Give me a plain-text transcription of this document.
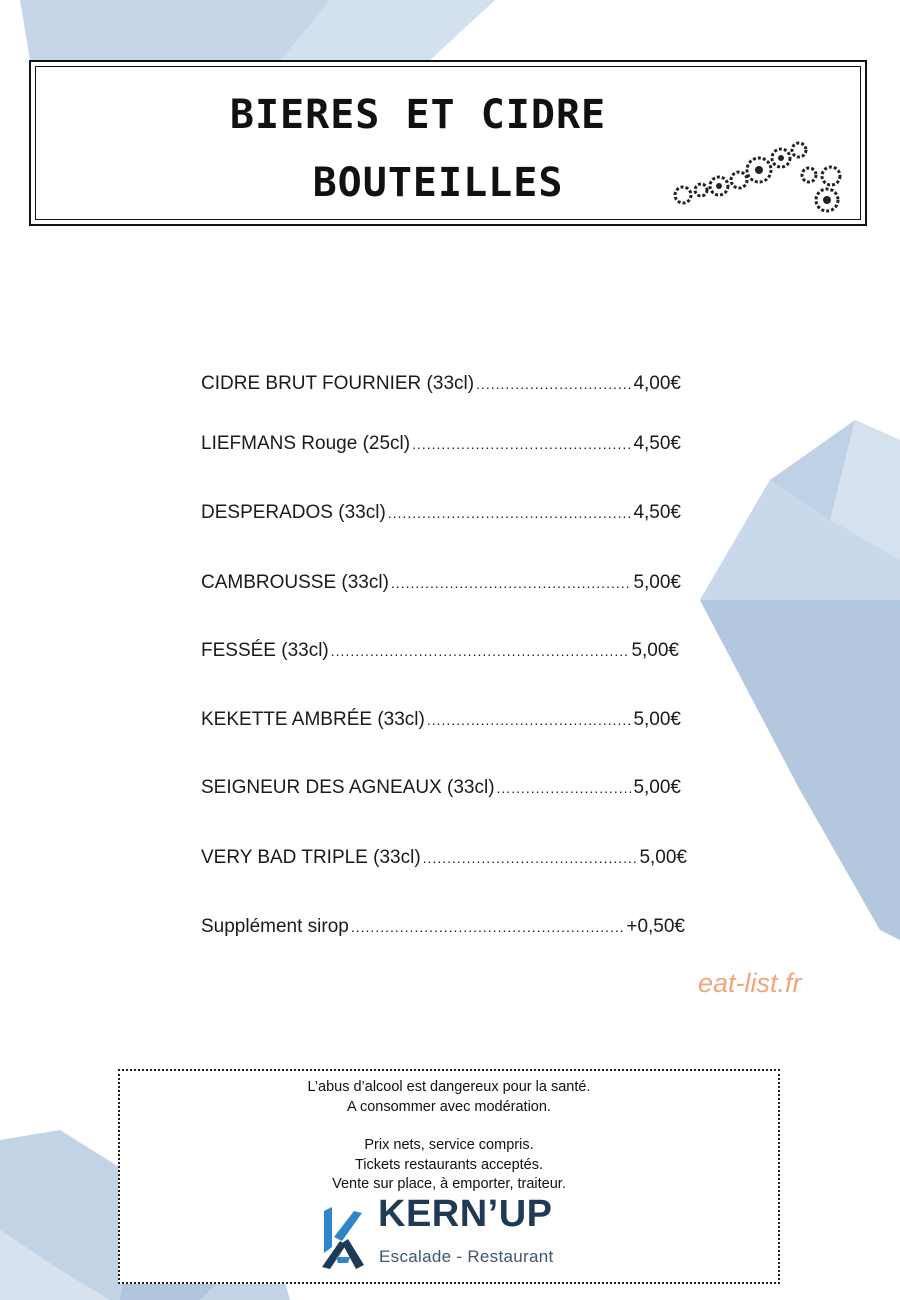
BIERES ET CIDRE
BOUTEILLES
CIDRE BRUT FOURNIER (33cl) .....	4,00€
LIEFMANS Rouge (25cl) .....	4,50€
DESPERADOS (33cl) .....	4,50€
CAMBROUSSE (33cl) .....	5,00€
FESSÉE (33cl) .....	5,00€
KEKETTE AMBRÉE (33cl) .....	5,00€
SEIGNEUR DES AGNEAUX (33cl) .....	5,00€
VERY BAD TRIPLE (33cl) .....	5,00€
Supplément sirop .....	+0,50€
eat-list.fr
L’abus d’alcool est dangereux pour la santé.
A consommer avec modération.
Prix nets, service compris.
Tickets restaurants acceptés.
Vente sur place, à emporter, traiteur.
KERN’UP
Escalade - Restaurant
